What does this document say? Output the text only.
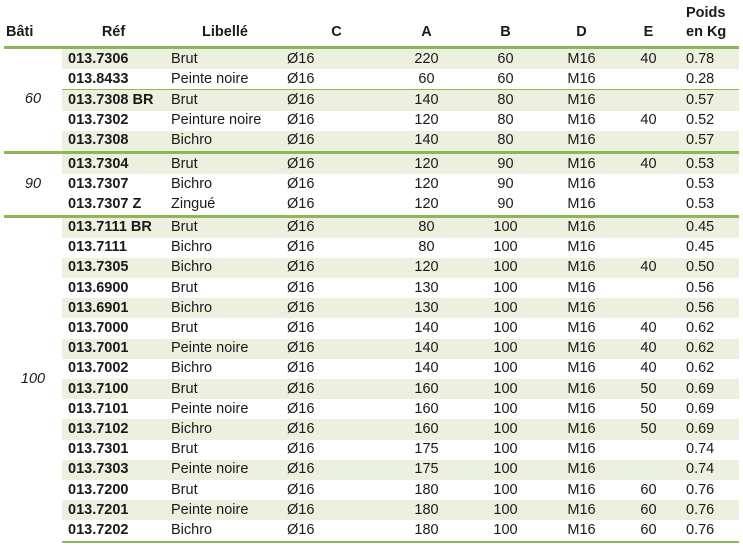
Bâti	Réf	Libellé	C	A	B	D	E	Poids
en Kg
60	013.7306	Brut	Ø16	220	60	M16	40	0.78
	013.8433	Peinte noire	Ø16	60	60	M16		0.28
	013.7308 BR	Brut	Ø16	140	80	M16		0.57
	013.7302	Peinture noire	Ø16	120	80	M16	40	0.52
	013.7308	Bichro	Ø16	140	80	M16		0.57
90	013.7304	Brut	Ø16	120	90	M16	40	0.53
	013.7307	Bichro	Ø16	120	90	M16		0.53
	013.7307 Z	Zingué	Ø16	120	90	M16		0.53
100	013.7111 BR	Brut	Ø16	80	100	M16		0.45
	013.7111	Bichro	Ø16	80	100	M16		0.45
	013.7305	Bichro	Ø16	120	100	M16	40	0.50
	013.6900	Brut	Ø16	130	100	M16		0.56
	013.6901	Bichro	Ø16	130	100	M16		0.56
	013.7000	Brut	Ø16	140	100	M16	40	0.62
	013.7001	Peinte noire	Ø16	140	100	M16	40	0.62
	013.7002	Bichro	Ø16	140	100	M16	40	0.62
	013.7100	Brut	Ø16	160	100	M16	50	0.69
	013.7101	Peinte noire	Ø16	160	100	M16	50	0.69
	013.7102	Bichro	Ø16	160	100	M16	50	0.69
	013.7301	Brut	Ø16	175	100	M16		0.74
	013.7303	Peinte noire	Ø16	175	100	M16		0.74
	013.7200	Brut	Ø16	180	100	M16	60	0.76
	013.7201	Peinte noire	Ø16	180	100	M16	60	0.76
	013.7202	Bichro	Ø16	180	100	M16	60	0.76
